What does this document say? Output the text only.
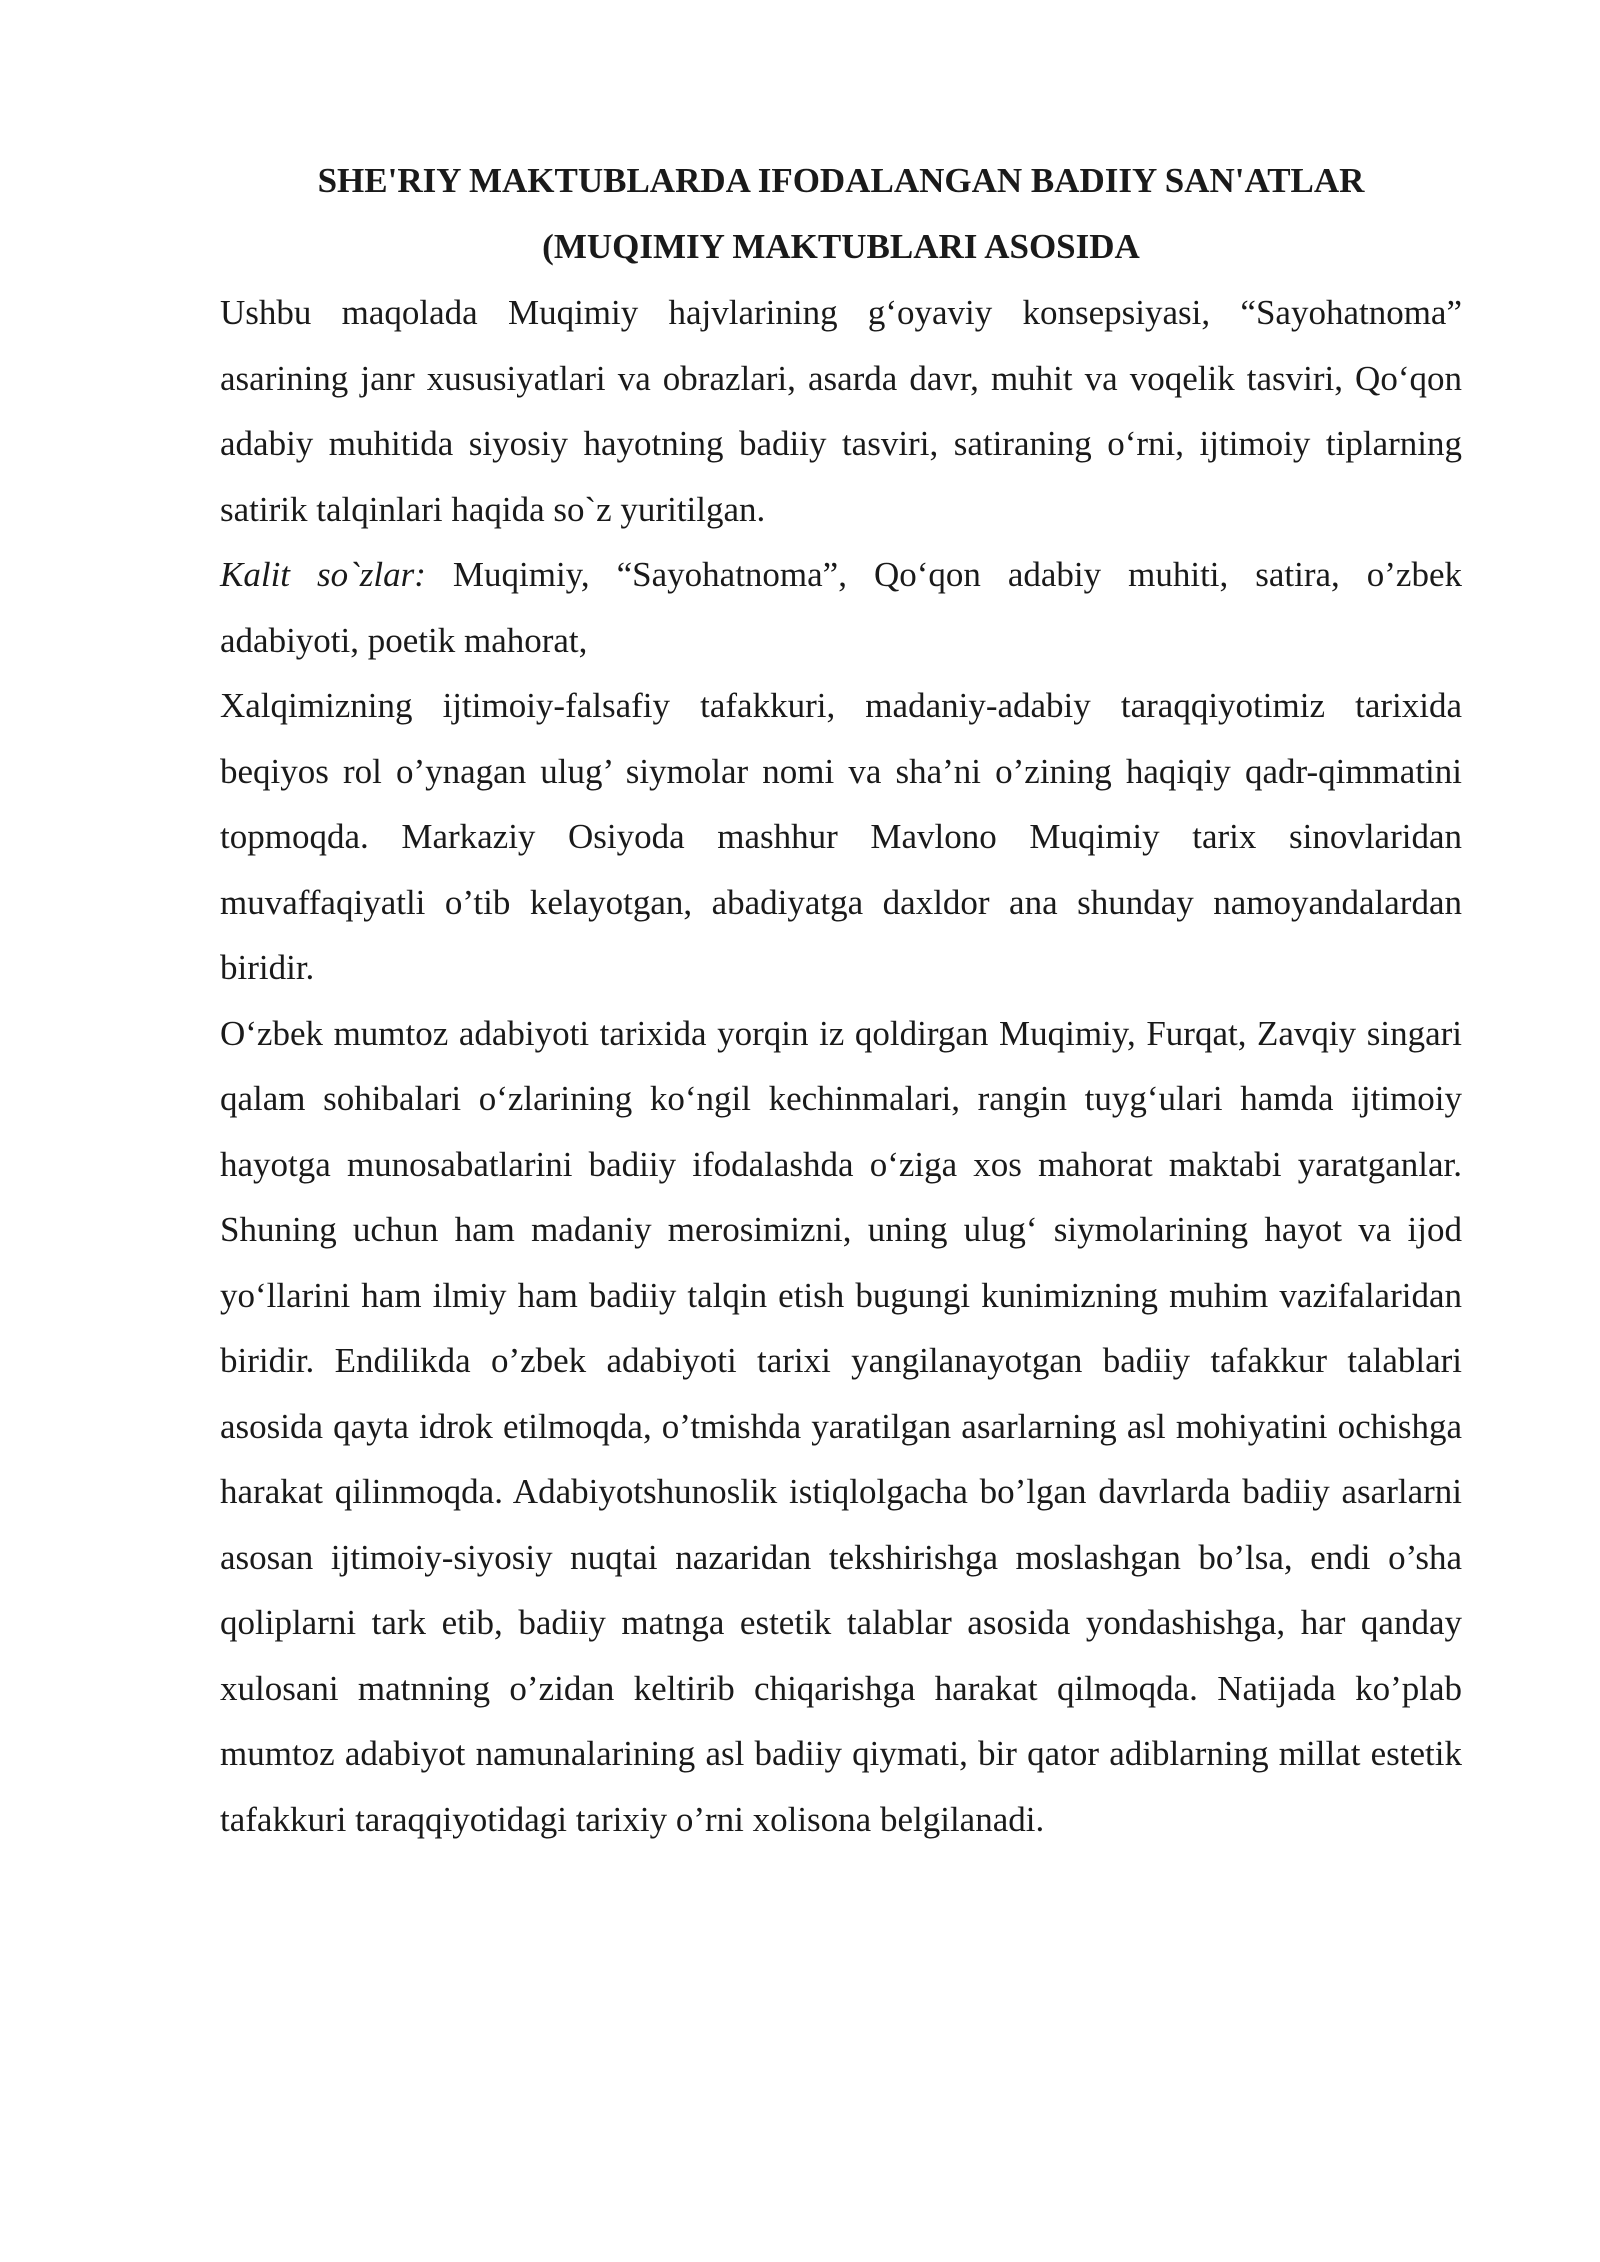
SHE'RIY MAKTUBLARDA IFODALANGAN BADIIY SAN'ATLAR
(MUQIMIY MAKTUBLARI ASOSIDA

Ushbu maqolada Muqimiy hajvlarining g‘oyaviy konsepsiyasi, “Sayohatnoma” asarining janr xususiyatlari va obrazlari, asarda davr, muhit va voqelik tasviri, Qo‘qon adabiy muhitida siyosiy hayotning badiiy tasviri, satiraning o‘rni, ijtimoiy tiplarning satirik talqinlari haqida so`z yuritilgan.

Kalit so`zlar: Muqimiy, “Sayohatnoma”, Qo‘qon adabiy muhiti, satira, o’zbek adabiyoti, poetik mahorat,

Xalqimizning ijtimoiy-falsafiy tafakkuri, madaniy-adabiy taraqqiyotimiz tarixida beqiyos rol o’ynagan ulug’ siymolar nomi va sha’ni o’zining haqiqiy qadr-qimmatini topmoqda. Markaziy Osiyoda mashhur Mavlono Muqimiy tarix sinovlaridan muvaffaqiyatli o’tib kelayotgan, abadiyatga daxldor ana shunday namoyandalardan biridir.

O‘zbek mumtoz adabiyoti tarixida yorqin iz qoldirgan Muqimiy, Furqat, Zavqiy singari qalam sohibalari o‘zlarining ko‘ngil kechinmalari, rangin tuyg‘ulari hamda ijtimoiy hayotga munosabatlarini badiiy ifodalashda o‘ziga xos mahorat maktabi yaratganlar. Shuning uchun ham madaniy merosimizni, uning ulug‘ siymolarining hayot va ijod yo‘llarini ham ilmiy ham badiiy talqin etish bugungi kunimizning muhim vazifalaridan biridir. Endilikda o’zbek adabiyoti tarixi yangilanayotgan badiiy tafakkur talablari asosida qayta idrok etilmoqda, o’tmishda yaratilgan asarlarning asl mohiyatini ochishga harakat qilinmoqda. Adabiyotshunoslik istiqlolgacha bo’lgan davrlarda badiiy asarlarni asosan ijtimoiy-siyosiy nuqtai nazaridan tekshirishga moslashgan bo’lsa, endi o’sha qoliplarni tark etib, badiiy matnga estetik talablar asosida yondashishga, har qanday xulosani matnning o’zidan keltirib chiqarishga harakat qilmoqda. Natijada ko’plab mumtoz adabiyot namunalarining asl badiiy qiymati, bir qator adiblarning millat estetik tafakkuri taraqqiyotidagi tarixiy o’rni xolisona belgilanadi.
